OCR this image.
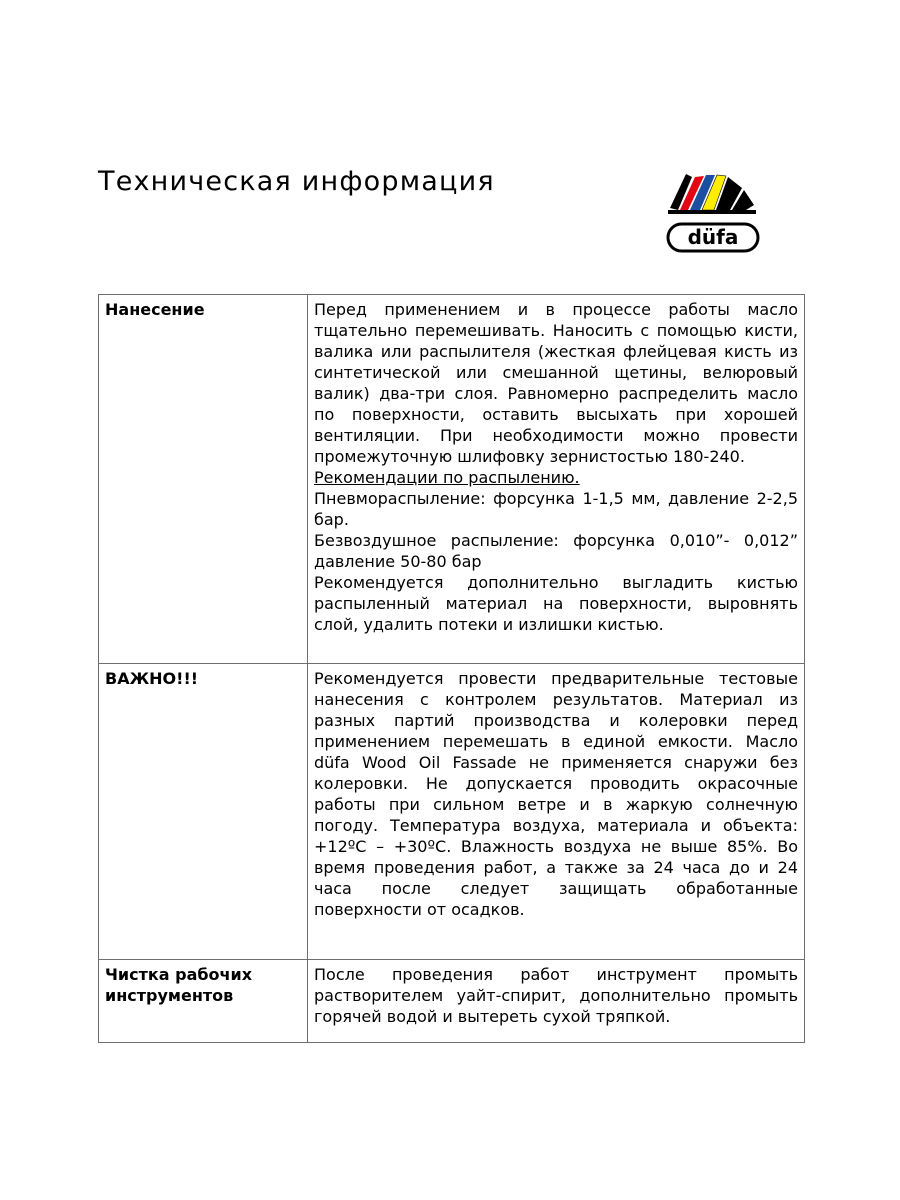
Техническая информация
düfa
Нанесение	Перед применением и в процессе работы масло тщательно перемешивать. Наносить с помощью кисти, валика или распылителя (жесткая флейцевая кисть из синтетической или смешанной щетины, велюровый валик) два-три слоя. Равномерно распределить масло по поверхности, оставить высыхать при хорошей вентиляции. При необходимости можно провести промежуточную шлифовку зернистостью 180-240.

Рекомендации по распылению.

Пневмораспыление: форсунка 1-1,5 мм, давление 2-2,5 бар.

Безвоздушное распыление: форсунка 0,010”- 0,012” давление 50-80 бар

Рекомендуется дополнительно выгладить кистью распыленный материал на поверхности, выровнять слой, удалить потеки и излишки кистью.

ВАЖНО!!!	Рекомендуется провести предварительные тестовые нанесения с контролем результатов. Материал из разных партий производства и колеровки перед применением перемешать в единой емкости. Масло düfa Wood Oil Fassade не применяется снаружи без колеровки. Не допускается проводить окрасочные работы при сильном ветре и в жаркую солнечную погоду. Температура воздуха, материала и объекта: +12ºC – +30ºC. Влажность воздуха не выше 85%. Во время проведения работ, а также за 24 часа до и 24 часа после следует защищать обработанные поверхности от осадков.

Чистка рабочих инструментов	После проведения работ инструмент промыть растворителем уайт-спирит, дополнительно промыть горячей водой и вытереть сухой тряпкой.
